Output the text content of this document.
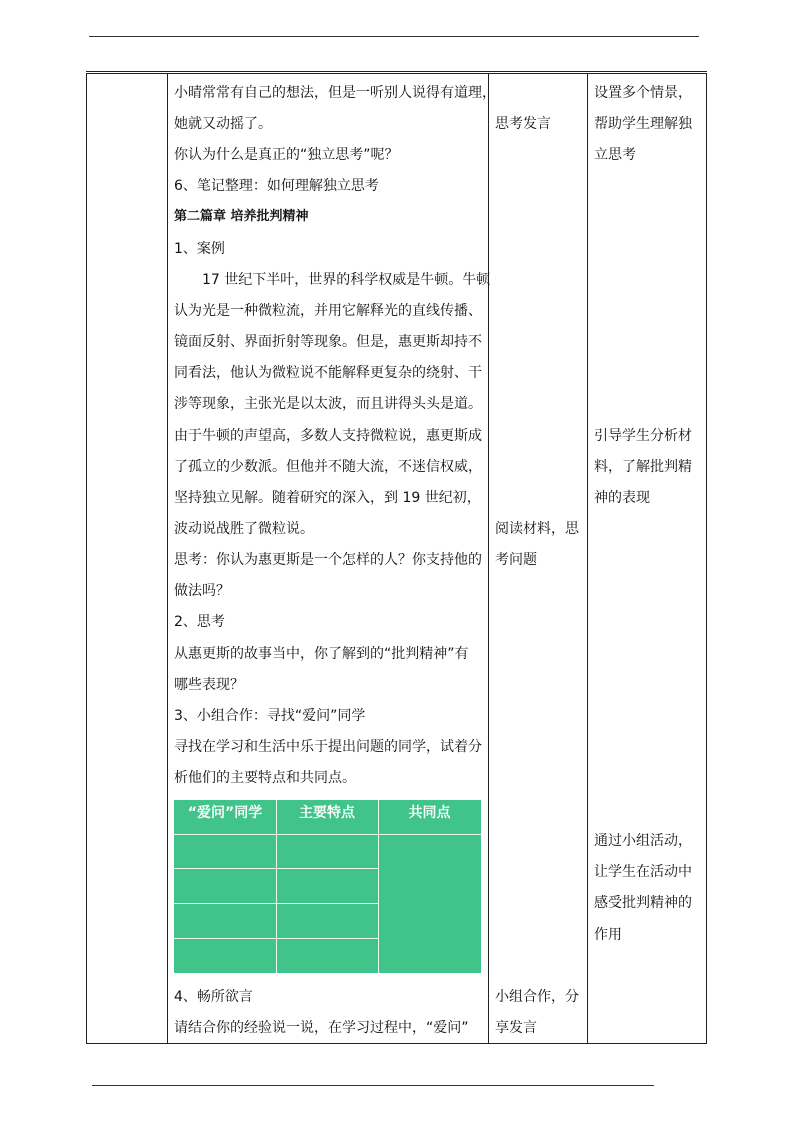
小晴常常有自己的想法，但是一听别人说得有道理，
她就又动摇了。
你认为什么是真正的“独立思考”呢？
6、笔记整理：如何理解独立思考
第二篇章 培养批判精神
1、案例
17 世纪下半叶，世界的科学权威是牛顿。牛顿
认为光是一种微粒流，并用它解释光的直线传播、
镜面反射、界面折射等现象。但是，惠更斯却持不
同看法，他认为微粒说不能解释更复杂的绕射、干
涉等现象，主张光是以太波，而且讲得头头是道。
由于牛顿的声望高，多数人支持微粒说，惠更斯成
了孤立的少数派。但他并不随大流，不迷信权威，
坚持独立见解。随着研究的深入，到 19 世纪初，
波动说战胜了微粒说。
思考：你认为惠更斯是一个怎样的人？你支持他的
做法吗？
2、思考
从惠更斯的故事当中，你了解到的“批判精神”有
哪些表现？
3、小组合作：寻找“爱问”同学
寻找在学习和生活中乐于提出问题的同学，试着分
析他们的主要特点和共同点。
“爱问”同学	主要特点	共同点
4、畅所欲言
请结合你的经验说一说，在学习过程中，“爱问”
思考发言
阅读材料，思
考问题
小组合作，分
享发言
设置多个情景，
帮助学生理解独
立思考
引导学生分析材
料，了解批判精
神的表现
通过小组活动，
让学生在活动中
感受批判精神的
作用
